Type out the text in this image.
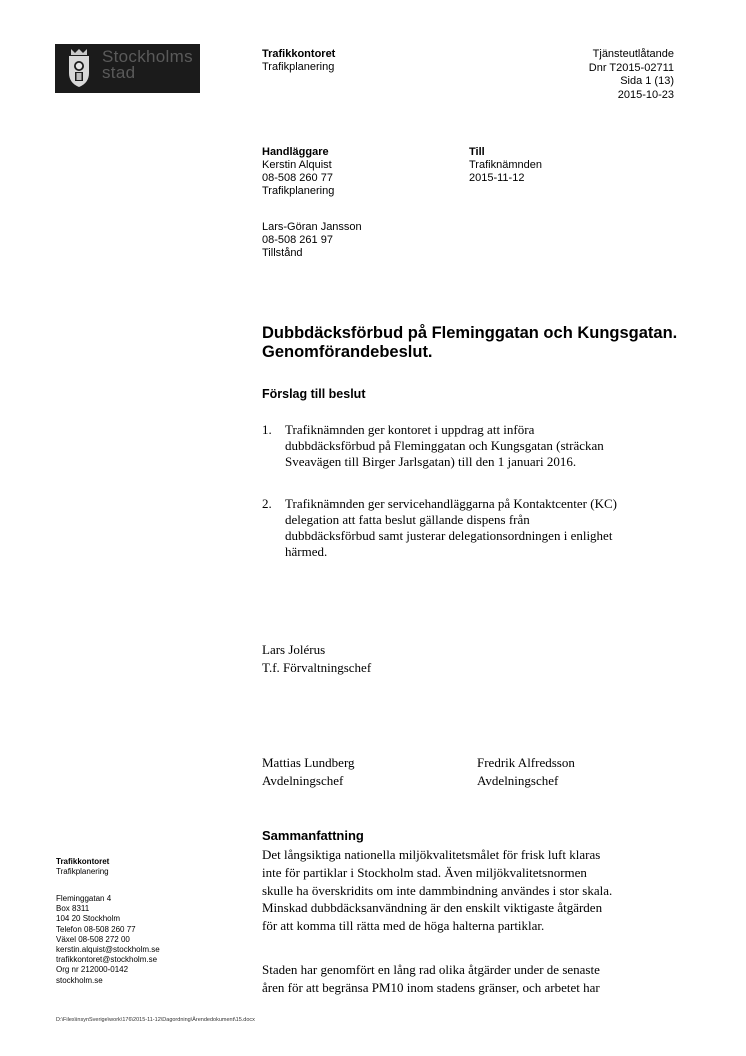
Stockholms
stad
Trafikkontoret
Trafikplanering
Tjänsteutlåtande
Dnr T2015-02711
Sida 1 (13)
2015-10-23
Handläggare
Kerstin Alquist
08-508 260 77
Trafikplanering
Till
Trafiknämnden
2015-11-12
Lars-Göran Jansson
08-508 261 97
Tillstånd
Dubbdäcksförbud på Fleminggatan och Kungsgatan. Genomförandebeslut.
Förslag till beslut
1. Trafiknämnden ger kontoret i uppdrag att införa
dubbdäcksförbud på Fleminggatan och Kungsgatan (sträckan
Sveavägen till Birger Jarlsgatan) till den 1 januari 2016.
2. Trafiknämnden ger servicehandläggarna på Kontaktcenter (KC)
delegation att fatta beslut gällande dispens från
dubbdäcksförbud samt justerar delegationsordningen i enlighet
härmed.
Lars Jolérus
T.f. Förvaltningschef
Mattias Lundberg
Avdelningschef
Fredrik Alfredsson
Avdelningschef
Sammanfattning
Det långsiktiga nationella miljökvalitetsmålet för frisk luft klaras
inte för partiklar i Stockholm stad. Även miljökvalitetsnormen
skulle ha överskridits om inte dammbindning användes i stor skala.
Minskad dubbdäcksanvändning är den enskilt viktigaste åtgärden
för att komma till rätta med de höga halterna partiklar.
Staden har genomfört en lång rad olika åtgärder under de senaste
åren för att begränsa PM10 inom stadens gränser, och arbetet har
Trafikkontoret
Trafikplanering
Fleminggatan 4
Box 8311
104 20 Stockholm
Telefon 08-508 260 77
Växel 08-508 272 00
kerstin.alquist@stockholm.se
trafikkontoret@stockholm.se
Org nr 212000-0142
stockholm.se
D:\Files\insynSverige\work\176\2015-11-12\Dagordning\Ärendedokument\15.docx
